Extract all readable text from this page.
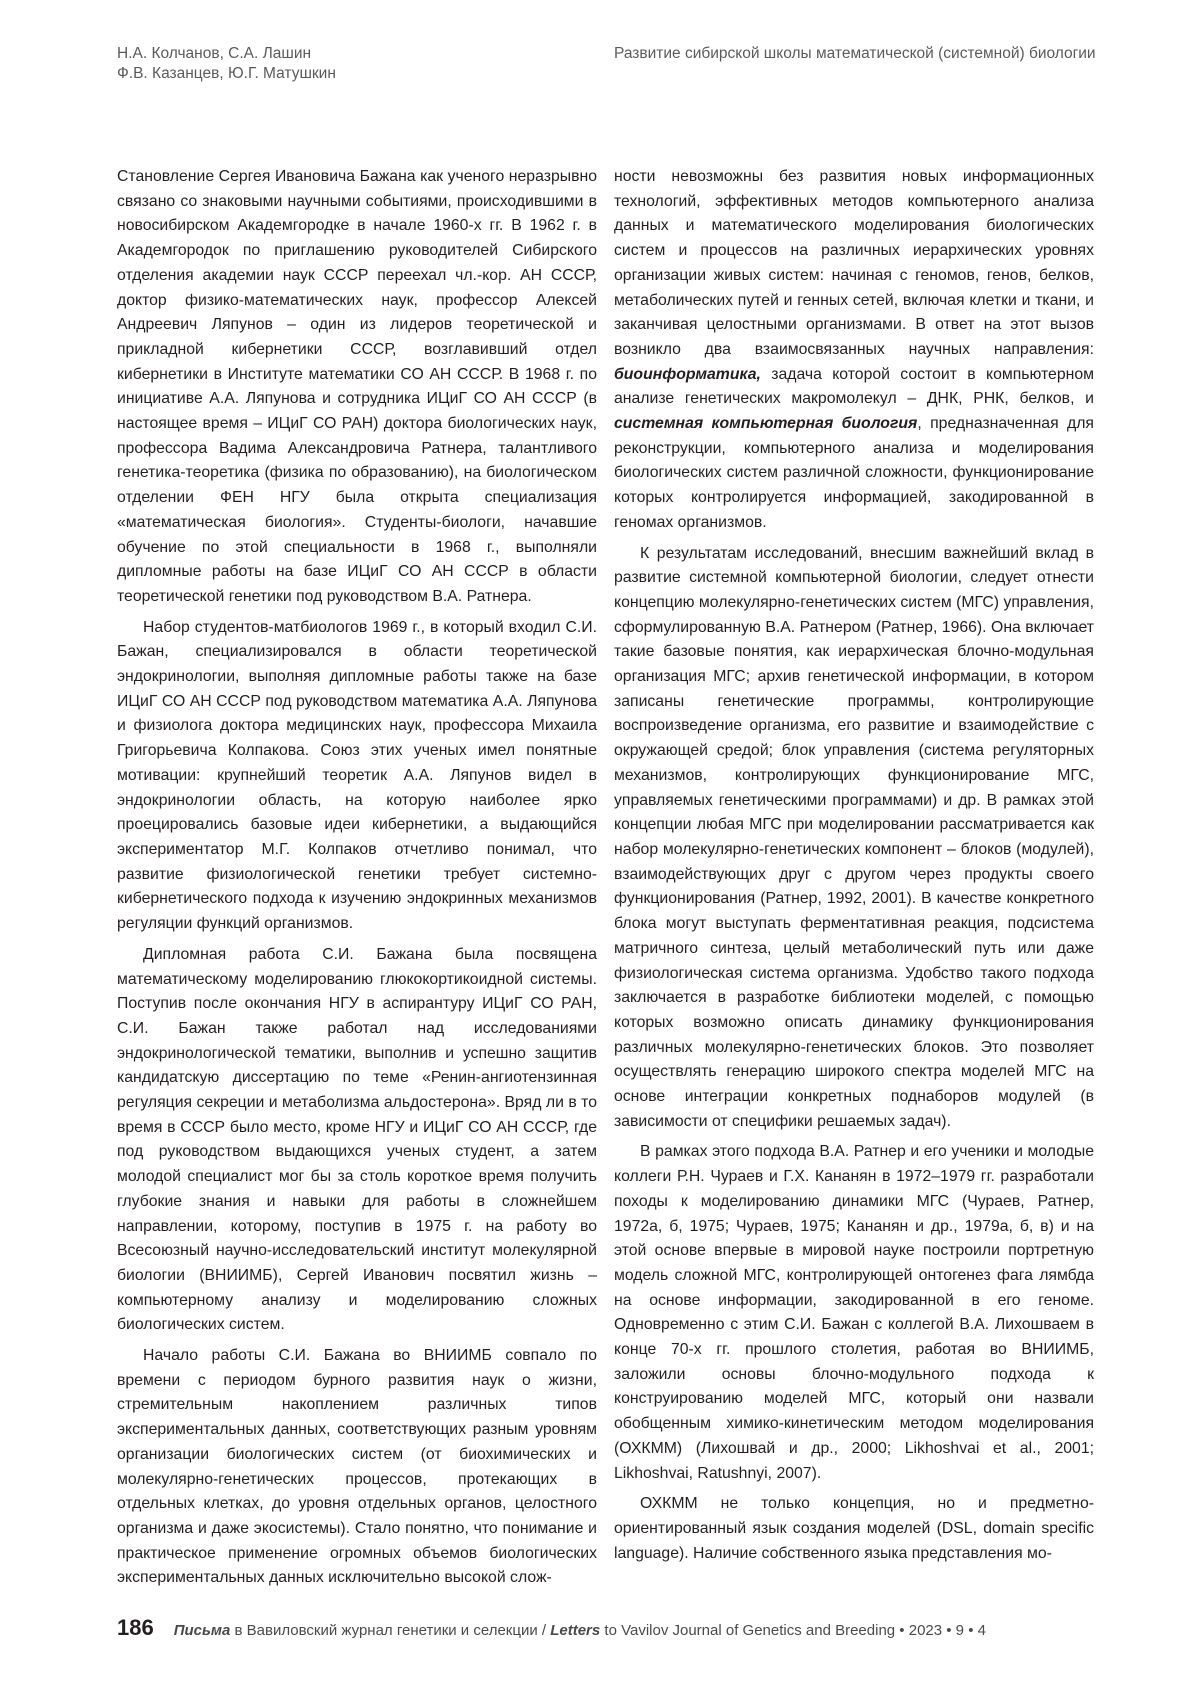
Н.А. Колчанов, С.А. Лашин
Ф.В. Казанцев, Ю.Г. Матушкин
Развитие сибирской школы математической (системной) биологии

Становление Сергея Ивановича Бажана как ученого неразрывно связано со знаковыми научными событиями, происходившими в новосибирском Академгородке в начале 1960-х гг. В 1962 г. в Академгородок по приглашению руководителей Сибирского отделения академии наук СССР переехал чл.-кор. АН СССР, доктор физико-математических наук, профессор Алексей Андреевич Ляпунов – один из лидеров теоретической и прикладной кибернетики СССР, возглавивший отдел кибернетики в Институте математики СО АН СССР. В 1968 г. по инициативе А.А. Ляпунова и сотрудника ИЦиГ СО АН СССР (в настоящее время – ИЦиГ СО РАН) доктора биологических наук, профессора Вадима Александровича Ратнера, талантливого генетика-теоретика (физика по образованию), на биологическом отделении ФЕН НГУ была открыта специализация «математическая биология». Студенты-биологи, начавшие обучение по этой специальности в 1968 г., выполняли дипломные работы на базе ИЦиГ СО АН СССР в области теоретической генетики под руководством В.А. Ратнера.

Набор студентов-матбиологов 1969 г., в который входил С.И. Бажан, специализировался в области теоретической эндокринологии, выполняя дипломные работы также на базе ИЦиГ СО АН СССР под руководством математика А.А. Ляпунова и физиолога доктора медицинских наук, профессора Михаила Григорьевича Колпакова. Союз этих ученых имел понятные мотивации: крупнейший теоретик А.А. Ляпунов видел в эндокринологии область, на которую наиболее ярко проецировались базовые идеи кибернетики, а выдающийся экспериментатор М.Г. Колпаков отчетливо понимал, что развитие физиологической генетики требует системно-кибернетического подхода к изучению эндокринных механизмов регуляции функций организмов.

Дипломная работа С.И. Бажана была посвящена математическому моделированию глюкокортикоидной системы. Поступив после окончания НГУ в аспирантуру ИЦиГ СО РАН, С.И. Бажан также работал над исследованиями эндокринологической тематики, выполнив и успешно защитив кандидатскую диссертацию по теме «Ренин-ангиотензинная регуляция секреции и метаболизма альдостерона». Вряд ли в то время в СССР было место, кроме НГУ и ИЦиГ СО АН СССР, где под руководством выдающихся ученых студент, а затем молодой специалист мог бы за столь короткое время получить глубокие знания и навыки для работы в сложнейшем направлении, которому, поступив в 1975 г. на работу во Всесоюзный научно-исследовательский институт молекулярной биологии (ВНИИМБ), Сергей Иванович посвятил жизнь – компьютерному анализу и моделированию сложных биологических систем.

Начало работы С.И. Бажана во ВНИИМБ совпало по времени с периодом бурного развития наук о жизни, стремительным накоплением различных типов экспериментальных данных, соответствующих разным уровням организации биологических систем (от биохимических и молекулярно-генетических процессов, протекающих в отдельных клетках, до уровня отдельных органов, целостного организма и даже экосистемы). Стало понятно, что понимание и практическое применение огромных объемов биологических экспериментальных данных исключительно высокой слож-

ности невозможны без развития новых информационных технологий, эффективных методов компьютерного анализа данных и математического моделирования биологических систем и процессов на различных иерархических уровнях организации живых систем: начиная с геномов, генов, белков, метаболических путей и генных сетей, включая клетки и ткани, и заканчивая целостными организмами. В ответ на этот вызов возникло два взаимосвязанных научных направления: биоинформатика, задача которой состоит в компьютерном анализе генетических макромолекул – ДНК, РНК, белков, и системная компьютерная биология, предназначенная для реконструкции, компьютерного анализа и моделирования биологических систем различной сложности, функционирование которых контролируется информацией, закодированной в геномах организмов.

К результатам исследований, внесшим важнейший вклад в развитие системной компьютерной биологии, следует отнести концепцию молекулярно-генетических систем (МГС) управления, сформулированную В.А. Ратнером (Ратнер, 1966). Она включает такие базовые понятия, как иерархическая блочно-модульная организация МГС; архив генетической информации, в котором записаны генетические программы, контролирующие воспроизведение организма, его развитие и взаимодействие с окружающей средой; блок управления (система регуляторных механизмов, контролирующих функционирование МГС, управляемых генетическими программами) и др. В рамках этой концепции любая МГС при моделировании рассматривается как набор молекулярно-генетических компонент – блоков (модулей), взаимодействующих друг с другом через продукты своего функционирования (Ратнер, 1992, 2001). В качестве конкретного блока могут выступать ферментативная реакция, подсистема матричного синтеза, целый метаболический путь или даже физиологическая система организма. Удобство такого подхода заключается в разработке библиотеки моделей, с помощью которых возможно описать динамику функционирования различных молекулярно-генетических блоков. Это позволяет осуществлять генерацию широкого спектра моделей МГС на основе интеграции конкретных поднаборов модулей (в зависимости от специфики решаемых задач).

В рамках этого подхода В.А. Ратнер и его ученики и молодые коллеги Р.Н. Чураев и Г.Х. Кананян в 1972–1979 гг. разработали походы к моделированию динамики МГС (Чураев, Ратнер, 1972а, б, 1975; Чураев, 1975; Кананян и др., 1979а, б, в) и на этой основе впервые в мировой науке построили портретную модель сложной МГС, контролирующей онтогенез фага лямбда на основе информации, закодированной в его геноме. Одновременно с этим С.И. Бажан с коллегой В.А. Лихошваем в конце 70-х гг. прошлого столетия, работая во ВНИИМБ, заложили основы блочно-модульного подхода к конструированию моделей МГС, который они назвали обобщенным химико-кинетическим методом моделирования (ОХКММ) (Лихошвай и др., 2000; Likhoshvai et al., 2001; Likhoshvai, Ratushnyi, 2007).

ОХКММ не только концепция, но и предметно-ориентированный язык создания моделей (DSL, domain specific language). Наличие собственного языка представления мо-

186 Письма в Вавиловский журнал генетики и селекции / Letters to Vavilov Journal of Genetics and Breeding • 2023 • 9 • 4
